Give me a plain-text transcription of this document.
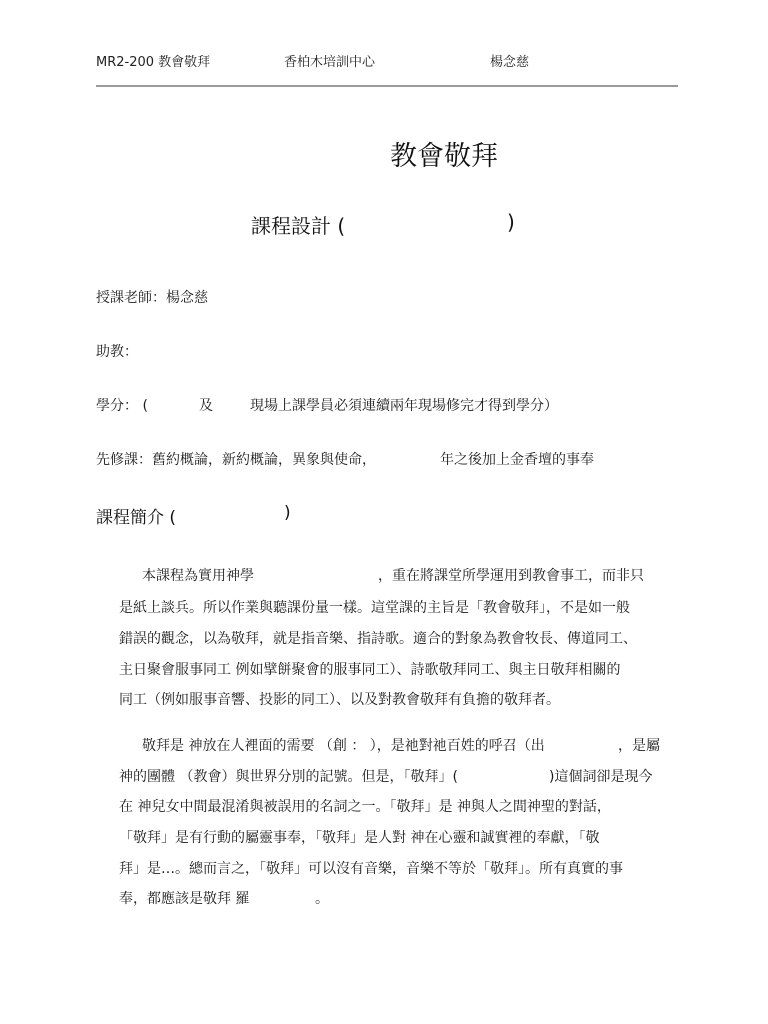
MR2-200 教會敬拜	香柏木培訓中心	楊念慈
教會敬拜
課程設計 (	)
授課老師：楊念慈
助教：
學分： (	及	現場上課學員必須連續兩年現場修完才得到學分）
先修課：舊約概論，新約概論，異象與使命，	年之後加上金香壇的事奉
課程簡介 (	)
本課程為實用神學	，重在將課堂所學運用到教會事工，而非只
是紙上談兵。所以作業與聽課份量一樣。這堂課的主旨是「教會敬拜」，不是如一般
錯誤的觀念，以為敬拜，就是指音樂、指詩歌。適合的對象為教會牧長、傳道同工、
主日聚會服事同工 例如擘餅聚會的服事同工）、詩歌敬拜同工、與主日敬拜相關的
同工（例如服事音響、投影的同工）、以及對教會敬拜有負擔的敬拜者。
敬拜是 神放在人裡面的需要 （創 ： ），是祂對祂百姓的呼召（出	，是屬
神的團體 （教會）與世界分別的記號。但是，「敬拜」(	)這個詞卻是現今
在 神兒女中間最混淆與被誤用的名詞之一。「敬拜」是 神與人之間神聖的對話，
「敬拜」是有行動的屬靈事奉，「敬拜」是人對 神在心靈和誠實裡的奉獻，「敬
拜」是…。總而言之，「敬拜」可以沒有音樂，音樂不等於「敬拜」。所有真實的事
奉，都應該是敬拜 羅	。
